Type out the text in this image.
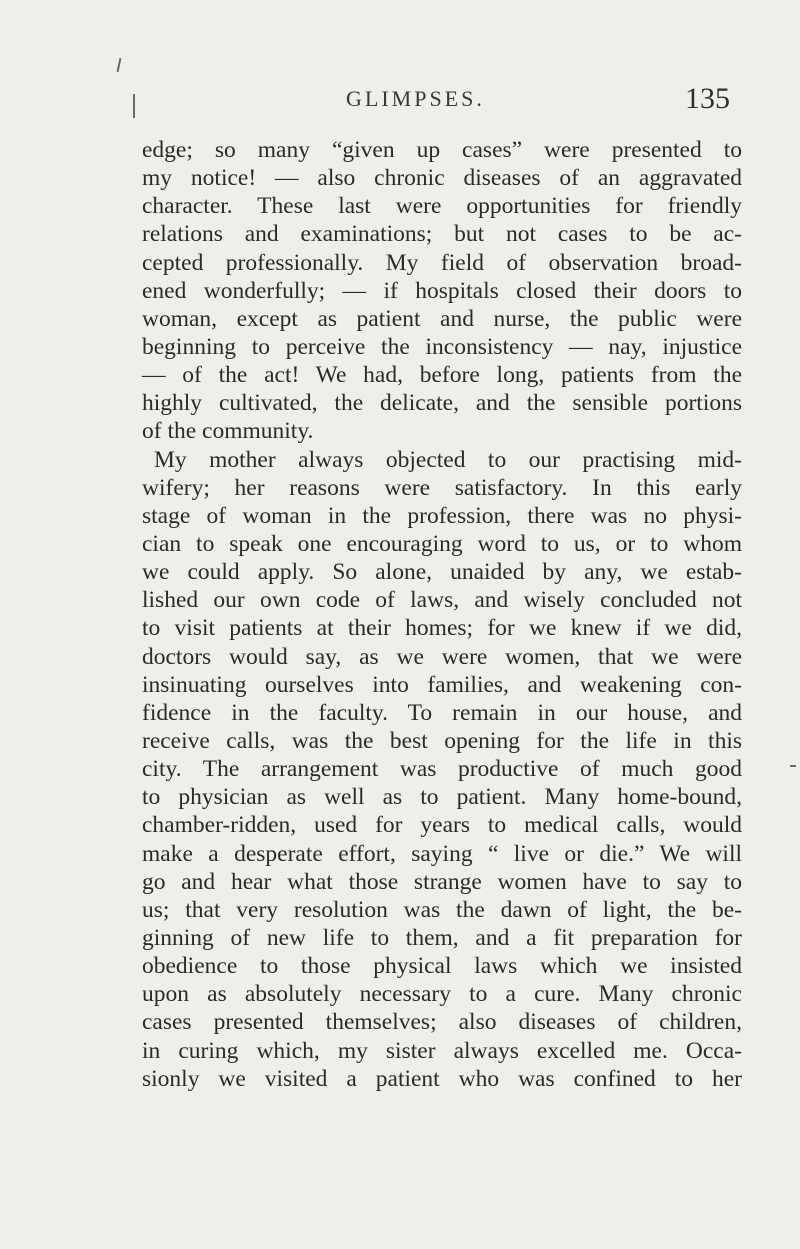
GLIMPSES.	135
edge; so many “given up cases” were presented to
my notice! — also chronic diseases of an aggravated
character. These last were opportunities for friendly
relations and examinations; but not cases to be ac-
cepted professionally. My field of observation broad-
ened wonderfully; — if hospitals closed their doors to
woman, except as patient and nurse, the public were
beginning to perceive the inconsistency — nay, injustice
— of the act! We had, before long, patients from the
highly cultivated, the delicate, and the sensible portions
of the community.
My mother always objected to our practising mid-
wifery; her reasons were satisfactory. In this early
stage of woman in the profession, there was no physi-
cian to speak one encouraging word to us, or to whom
we could apply. So alone, unaided by any, we estab-
lished our own code of laws, and wisely concluded not
to visit patients at their homes; for we knew if we did,
doctors would say, as we were women, that we were
insinuating ourselves into families, and weakening con-
fidence in the faculty. To remain in our house, and
receive calls, was the best opening for the life in this
city. The arrangement was productive of much good
to physician as well as to patient. Many home-bound,
chamber-ridden, used for years to medical calls, would
make a desperate effort, saying “ live or die.” We will
go and hear what those strange women have to say to
us; that very resolution was the dawn of light, the be-
ginning of new life to them, and a fit preparation for
obedience to those physical laws which we insisted
upon as absolutely necessary to a cure. Many chronic
cases presented themselves; also diseases of children,
in curing which, my sister always excelled me. Occa-
sionly we visited a patient who was confined to her
